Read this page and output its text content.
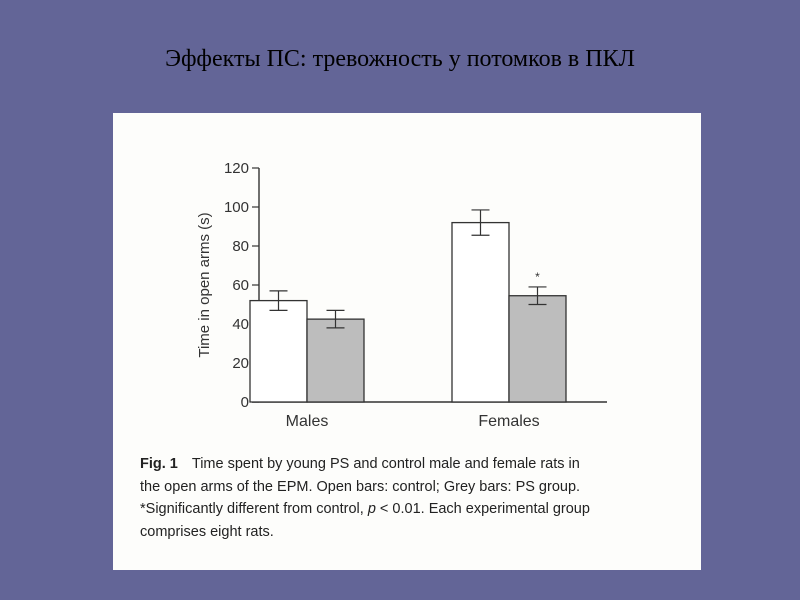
Эффекты ПС: тревожность у потомков в ПКЛ
0
20
40
60
80
100
120
Time in open arms (s)
Males	Females
*

Fig. 1 Time spent by young PS and control male and female rats in
the open arms of the EPM. Open bars: control; Grey bars: PS group.
*Significantly different from control, p < 0.01. Each experimental group
comprises eight rats.
